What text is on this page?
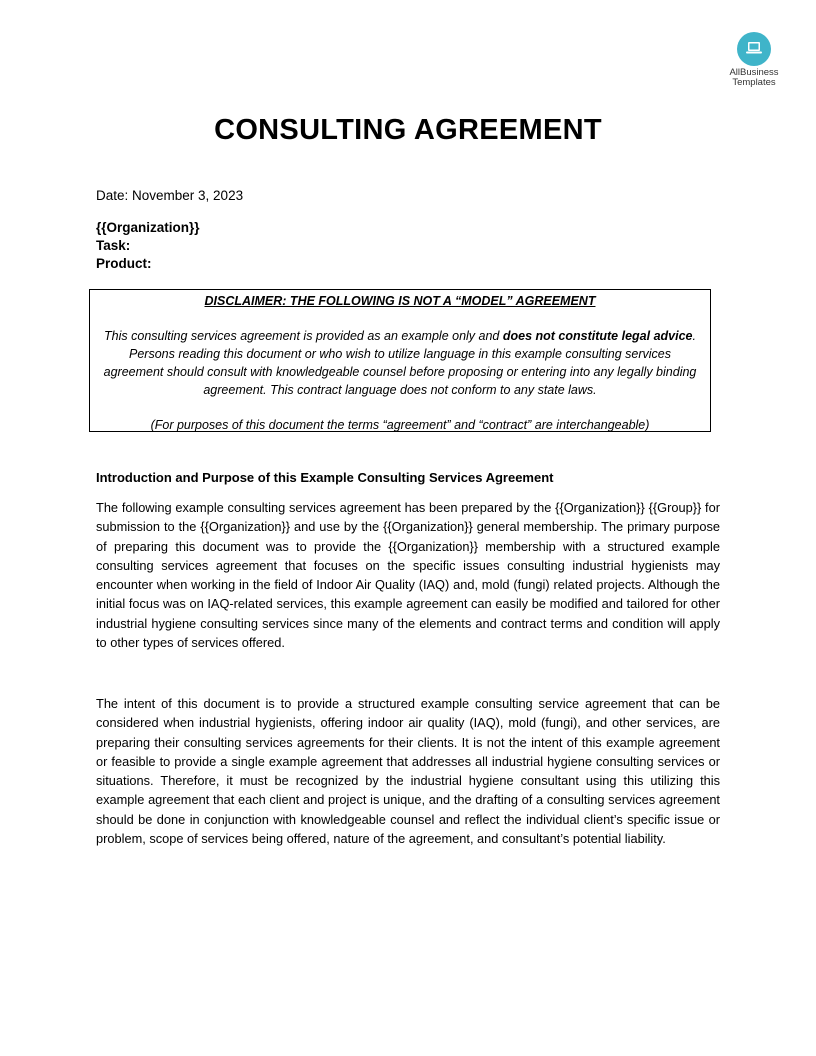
AllBusiness
Templates
CONSULTING AGREEMENT
Date: November 3, 2023
{{Organization}}
Task:
Product:

DISCLAIMER: THE FOLLOWING IS NOT A “MODEL” AGREEMENT

This consulting services agreement is provided as an example only and does not constitute legal advice. Persons reading this document or who wish to utilize language in this example consulting services agreement should consult with knowledgeable counsel before proposing or entering into any legally binding agreement. This contract language does not conform to any state laws.

(For purposes of this document the terms “agreement” and “contract” are interchangeable)

Introduction and Purpose of this Example Consulting Services Agreement

The following example consulting services agreement has been prepared by the {{Organization}} {{Group}} for submission to the {{Organization}} and use by the {{Organization}} general membership. The primary purpose of preparing this document was to provide the {{Organization}} membership with a structured example consulting services agreement that focuses on the specific issues consulting industrial hygienists may encounter when working in the field of Indoor Air Quality (IAQ) and, mold (fungi) related projects. Although the initial focus was on IAQ-related services, this example agreement can easily be modified and tailored for other industrial hygiene consulting services since many of the elements and contract terms and condition will apply to other types of services offered.

The intent of this document is to provide a structured example consulting service agreement that can be considered when industrial hygienists, offering indoor air quality (IAQ), mold (fungi), and other services, are preparing their consulting services agreements for their clients. It is not the intent of this example agreement or feasible to provide a single example agreement that addresses all industrial hygiene consulting services or situations. Therefore, it must be recognized by the industrial hygiene consultant using this utilizing this example agreement that each client and project is unique, and the drafting of a consulting services agreement should be done in conjunction with knowledgeable counsel and reflect the individual client’s specific issue or problem, scope of services being offered, nature of the agreement, and consultant’s potential liability.
